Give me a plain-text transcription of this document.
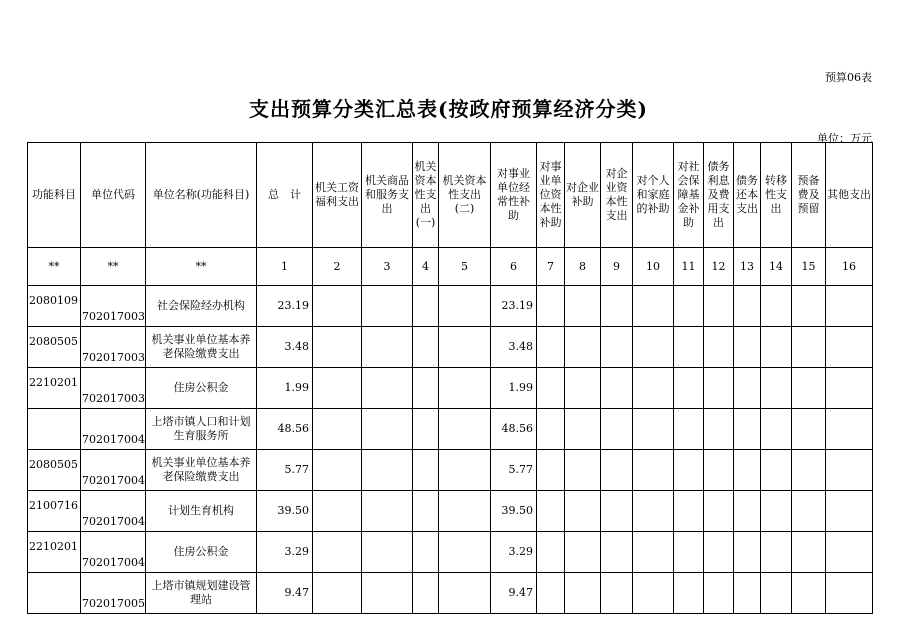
预算06表
支出预算分类汇总表(按政府预算经济分类)
单位：万元
功能科目	单位代码	单位名称(功能科目)	总　计	机关工资福利支出	机关商品和服务支出	机关资本性支出(一)	机关资本性支出(二)	对事业单位经常性补助	对事业单位资本性补助	对企业补助	对企业资本性支出	对个人和家庭的补助	对社会保障基金补助	债务利息及费用支出	债务还本支出	转移性支出	预备费及预留	其他支出
**	**	**	1	2	3	4	5	6	7	8	9	10	11	12	13	14	15	16
2080109	702017003	社会保险经办机构	23.19					23.19										
2080505	702017003	机关事业单位基本养老保险缴费支出	3.48					3.48										
2210201	702017003	住房公积金	1.99					1.99										
	702017004	上塔市镇人口和计划生育服务所	48.56					48.56										
2080505	702017004	机关事业单位基本养老保险缴费支出	5.77					5.77										
2100716	702017004	计划生育机构	39.50					39.50										
2210201	702017004	住房公积金	3.29					3.29										
	702017005	上塔市镇规划建设管理站	9.47					9.47										
